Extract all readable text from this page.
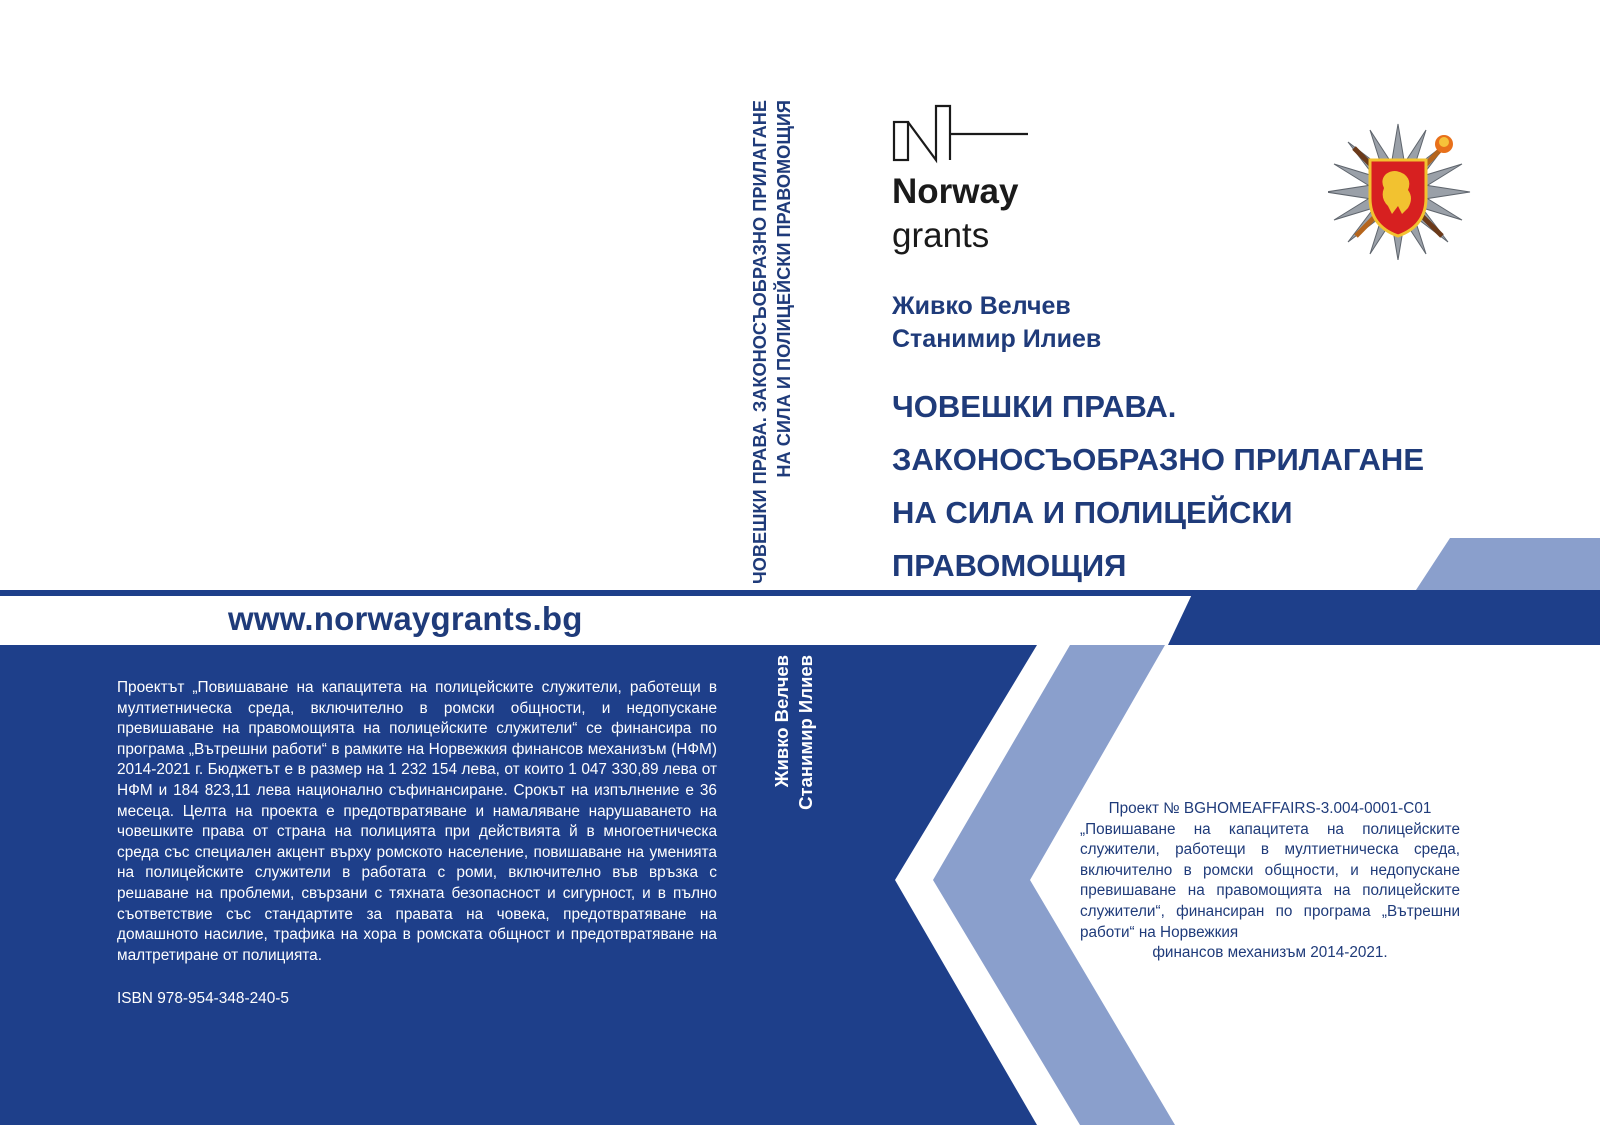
www.norwaygrants.bg
Проектът „Повишаване на капацитета на полицейските служители, работещи в мултиетническа среда, включително в ромски общности, и недопускане превишаване на правомощията на полицейските служители“ се финансира по програма „Вътрешни работи“ в рамките на Норвежкия финансов механизъм (НФМ) 2014-2021 г. Бюджетът е в размер на 1 232 154 лева, от които 1 047 330,89 лева от НФМ и 184 823,11 лева национално съфинансиране. Срокът на изпълнение е 36 месеца. Целта на проекта е предотвратяване и намаляване нарушаването на човешките права от страна на полицията при действията й в многоетническа среда със специален акцент върху ромското население, повишаване на уменията на полицейските служители в работата с роми, включително във връзка с решаване на проблеми, свързани с тяхната безопасност и сигурност, и в пълно съответствие със стандартите за правата на човека, предотвратяване на домашното насилие, трафика на хора в ромската общност и предотвратяване на малтретиране от полицията.
ISBN 978-954-348-240-5
ЧОВЕШКИ ПРАВА. ЗАКОНОСЪОБРАЗНО ПРИЛАГАНЕ НА СИЛА И ПОЛИЦЕЙСКИ ПРАВОМОЩИЯ
Живко Велчев Станимир Илиев
Norway
grants
Живко Велчев
Станимир Илиев
ЧОВЕШКИ ПРАВА.
ЗАКОНОСЪОБРАЗНО ПРИЛАГАНЕ
НА СИЛА И ПОЛИЦЕЙСКИ
ПРАВОМОЩИЯ
Проект № BGHOMEAFFAIRS-3.004-0001-C01
„Повишаване на капацитета на полицейските служители, работещи в мултиетническа среда, включително в ромски общности, и недопускане превишаване на правомощията на полицейските служители“, финансиран по програма „Вътрешни работи“ на Норвежкия
финансов механизъм 2014-2021.
